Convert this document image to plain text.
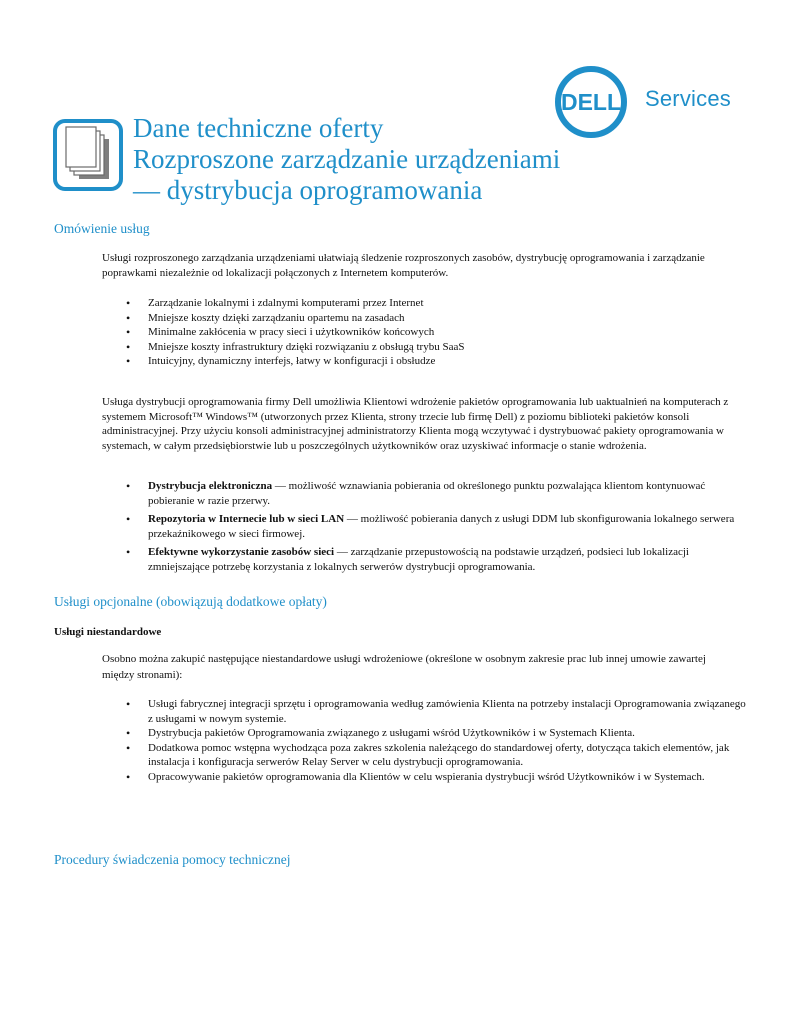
DELL Services
Dane techniczne oferty
Rozproszone zarządzanie urządzeniami
— dystrybucja oprogramowania
Omówienie usług

Usługi rozproszonego zarządzania urządzeniami ułatwiają śledzenie rozproszonych zasobów, dystrybucję oprogramowania i zarządzanie poprawkami niezależnie od lokalizacji połączonych z Internetem komputerów.

• Zarządzanie lokalnymi i zdalnymi komputerami przez Internet
• Mniejsze koszty dzięki zarządzaniu opartemu na zasadach
• Minimalne zakłócenia w pracy sieci i użytkowników końcowych
• Mniejsze koszty infrastruktury dzięki rozwiązaniu z obsługą trybu SaaS
• Intuicyjny, dynamiczny interfejs, łatwy w konfiguracji i obsłudze

Usługa dystrybucji oprogramowania firmy Dell umożliwia Klientowi wdrożenie pakietów oprogramowania lub uaktualnień na komputerach z systemem Microsoft™ Windows™ (utworzonych przez Klienta, strony trzecie lub firmę Dell) z poziomu biblioteki pakietów konsoli administracyjnej. Przy użyciu konsoli administracyjnej administratorzy Klienta mogą wczytywać i dystrybuować pakiety oprogramowania w systemach, w całym przedsiębiorstwie lub u poszczególnych użytkowników oraz uzyskiwać informacje o stanie wdrożenia.

• Dystrybucja elektroniczna — możliwość wznawiania pobierania od określonego punktu pozwalająca klientom kontynuować pobieranie w razie przerwy.
• Repozytoria w Internecie lub w sieci LAN — możliwość pobierania danych z usługi DDM lub skonfigurowania lokalnego serwera przekaźnikowego w sieci firmowej.
• Efektywne wykorzystanie zasobów sieci — zarządzanie przepustowością na podstawie urządzeń, podsieci lub lokalizacji zmniejszające potrzebę korzystania z lokalnych serwerów dystrybucji oprogramowania.
Usługi opcjonalne (obowiązują dodatkowe opłaty)
Usługi niestandardowe

Osobno można zakupić następujące niestandardowe usługi wdrożeniowe (określone w osobnym zakresie prac lub innej umowie zawartej między stronami):

• Usługi fabrycznej integracji sprzętu i oprogramowania według zamówienia Klienta na potrzeby instalacji Oprogramowania związanego z usługami w nowym systemie.
• Dystrybucja pakietów Oprogramowania związanego z usługami wśród Użytkowników i w Systemach Klienta.
• Dodatkowa pomoc wstępna wychodząca poza zakres szkolenia należącego do standardowej oferty, dotycząca takich elementów, jak instalacja i konfiguracja serwerów Relay Server w celu dystrybucji oprogramowania.
• Opracowywanie pakietów oprogramowania dla Klientów w celu wspierania dystrybucji wśród Użytkowników i w Systemach.
Procedury świadczenia pomocy technicznej
